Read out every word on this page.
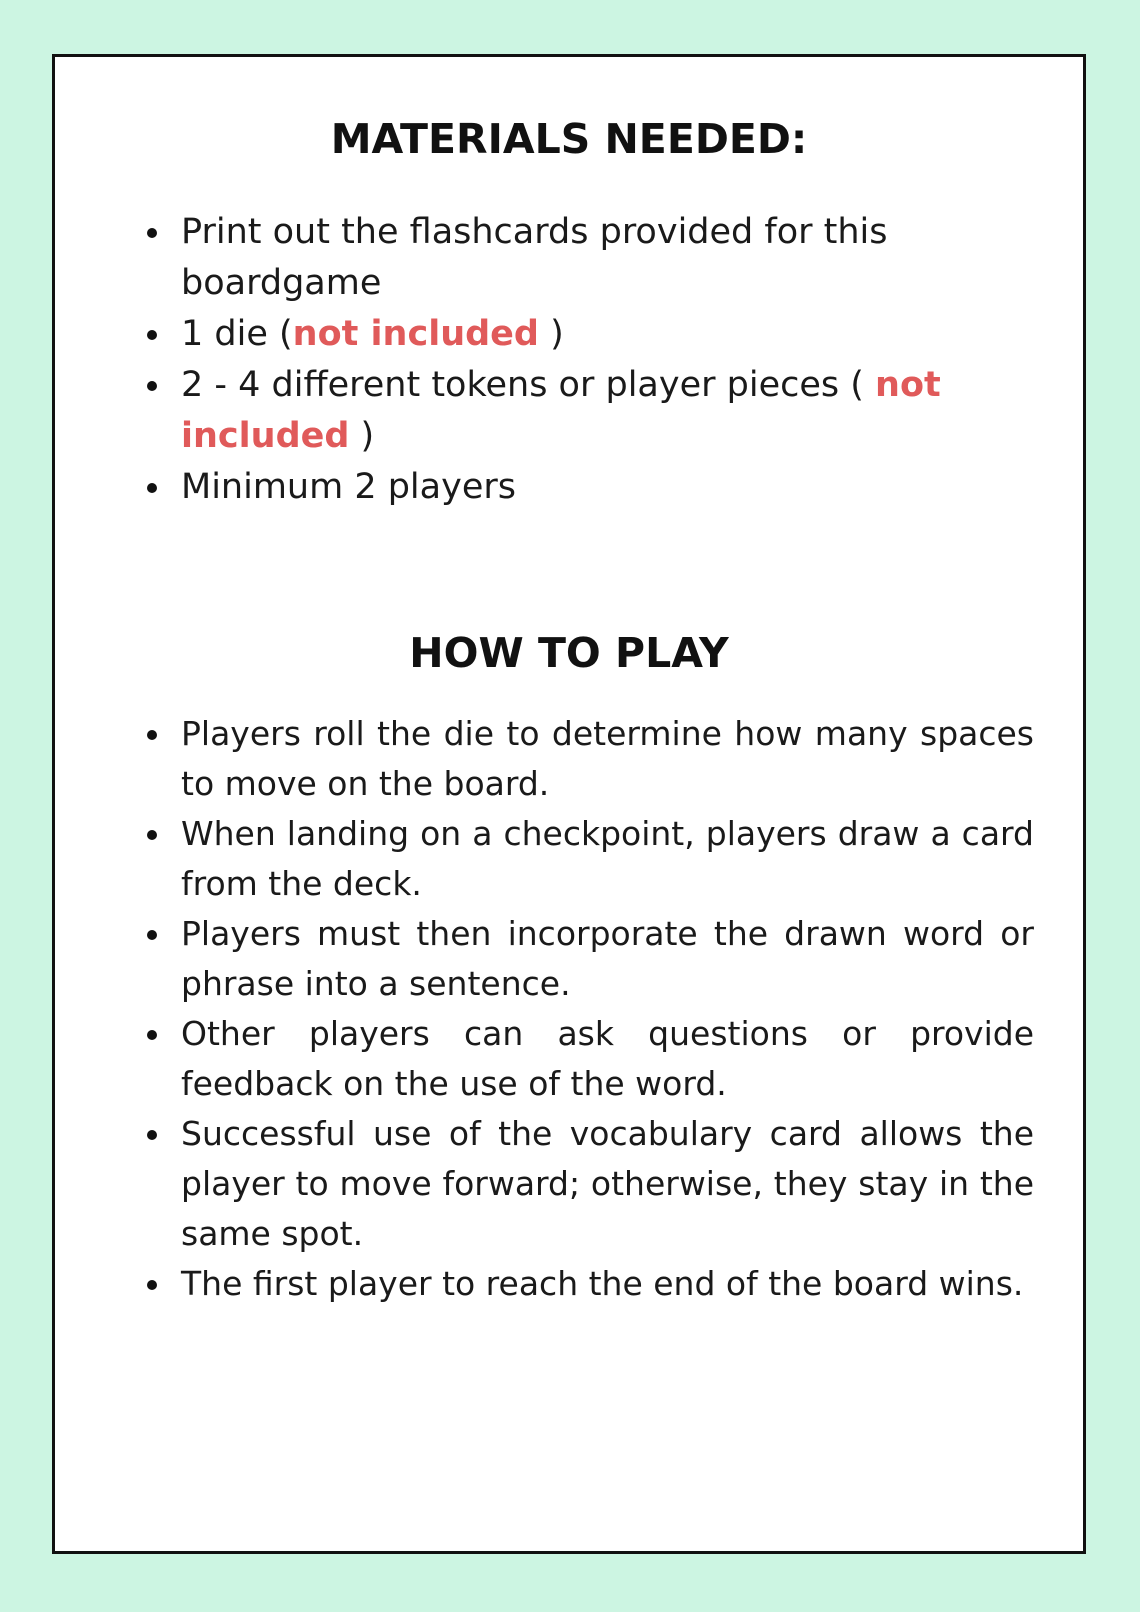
MATERIALS NEEDED:
Print out the flashcards provided for this boardgame
1 die (not included )
2 - 4 different tokens or player pieces ( not included )
Minimum 2 players
HOW TO PLAY
Players roll the die to determine how many spaces to move on the board.
When landing on a checkpoint, players draw a card from the deck.
Players must then incorporate the drawn word or phrase into a sentence.
Other players can ask questions or provide feedback on the use of the word.
Successful use of the vocabulary card allows the player to move forward; otherwise, they stay in the same spot.
The first player to reach the end of the board wins.
